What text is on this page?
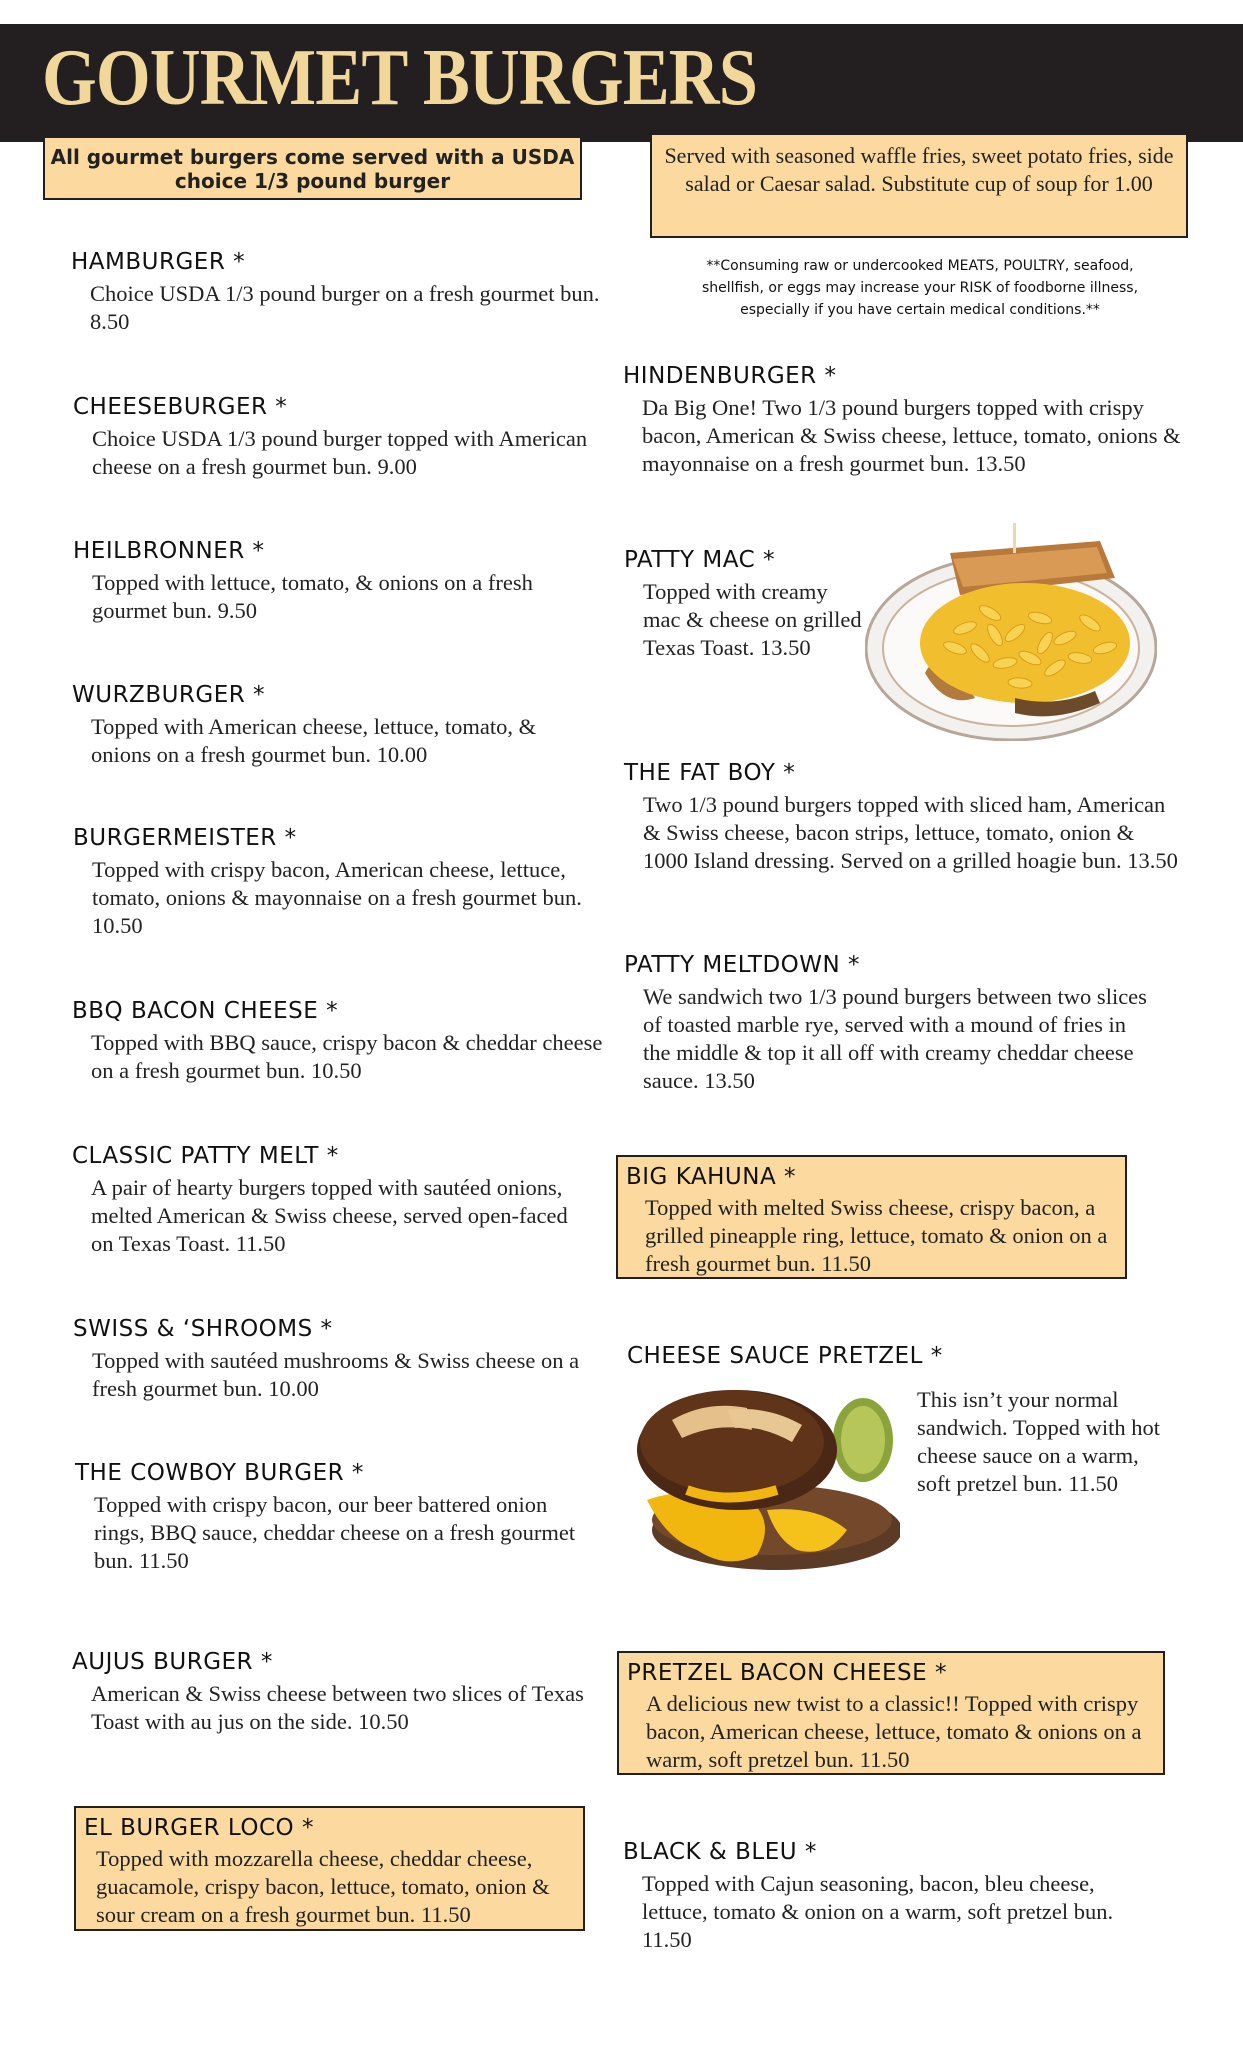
GOURMET BURGERS
All gourmet burgers come served with a USDA choice 1/3 pound burger
Served with seasoned waffle fries, sweet potato fries, side salad or Caesar salad. Substitute cup of soup for 1.00
**Consuming raw or undercooked MEATS, POULTRY, seafood, shellfish, or eggs may increase your RISK of foodborne illness, especially if you have certain medical conditions.**
HAMBURGER *
Choice USDA 1/3 pound burger on a fresh gourmet bun. 8.50
CHEESEBURGER *
Choice USDA 1/3 pound burger topped with American cheese on a fresh gourmet bun. 9.00
HEILBRONNER *
Topped with lettuce, tomato, & onions on a fresh gourmet bun. 9.50
WURZBURGER *
Topped with American cheese, lettuce, tomato, & onions on a fresh gourmet bun. 10.00
BURGERMEISTER *
Topped with crispy bacon, American cheese, lettuce, tomato, onions & mayonnaise on a fresh gourmet bun. 10.50
BBQ BACON CHEESE *
Topped with BBQ sauce, crispy bacon & cheddar cheese on a fresh gourmet bun. 10.50
CLASSIC PATTY MELT *
A pair of hearty burgers topped with sautéed onions, melted American & Swiss cheese, served open-faced on Texas Toast. 11.50
SWISS & ‘SHROOMS *
Topped with sautéed mushrooms & Swiss cheese on a fresh gourmet bun. 10.00
THE COWBOY BURGER *
Topped with crispy bacon, our beer battered onion rings, BBQ sauce, cheddar cheese on a fresh gourmet bun. 11.50
AUJUS BURGER *
American & Swiss cheese between two slices of Texas Toast with au jus on the side. 10.50
EL BURGER LOCO *
Topped with mozzarella cheese, cheddar cheese, guacamole, crispy bacon, lettuce, tomato, onion & sour cream on a fresh gourmet bun. 11.50
HINDENBURGER *
Da Big One! Two 1/3 pound burgers topped with crispy bacon, American & Swiss cheese, lettuce, tomato, onions & mayonnaise on a fresh gourmet bun. 13.50
PATTY MAC *
Topped with creamy mac & cheese on grilled Texas Toast. 13.50
THE FAT BOY *
Two 1/3 pound burgers topped with sliced ham, American & Swiss cheese, bacon strips, lettuce, tomato, onion & 1000 Island dressing. Served on a grilled hoagie bun. 13.50
PATTY MELTDOWN *
We sandwich two 1/3 pound burgers between two slices of toasted marble rye, served with a mound of fries in the middle & top it all off with creamy cheddar cheese sauce. 13.50
BIG KAHUNA *
Topped with melted Swiss cheese, crispy bacon, a grilled pineapple ring, lettuce, tomato & onion on a fresh gourmet bun. 11.50
CHEESE SAUCE PRETZEL *
This isn’t your normal sandwich. Topped with hot cheese sauce on a warm, soft pretzel bun. 11.50
PRETZEL BACON CHEESE *
A delicious new twist to a classic!! Topped with crispy bacon, American cheese, lettuce, tomato & onions on a warm, soft pretzel bun. 11.50
BLACK & BLEU *
Topped with Cajun seasoning, bacon, bleu cheese, lettuce, tomato & onion on a warm, soft pretzel bun. 11.50
